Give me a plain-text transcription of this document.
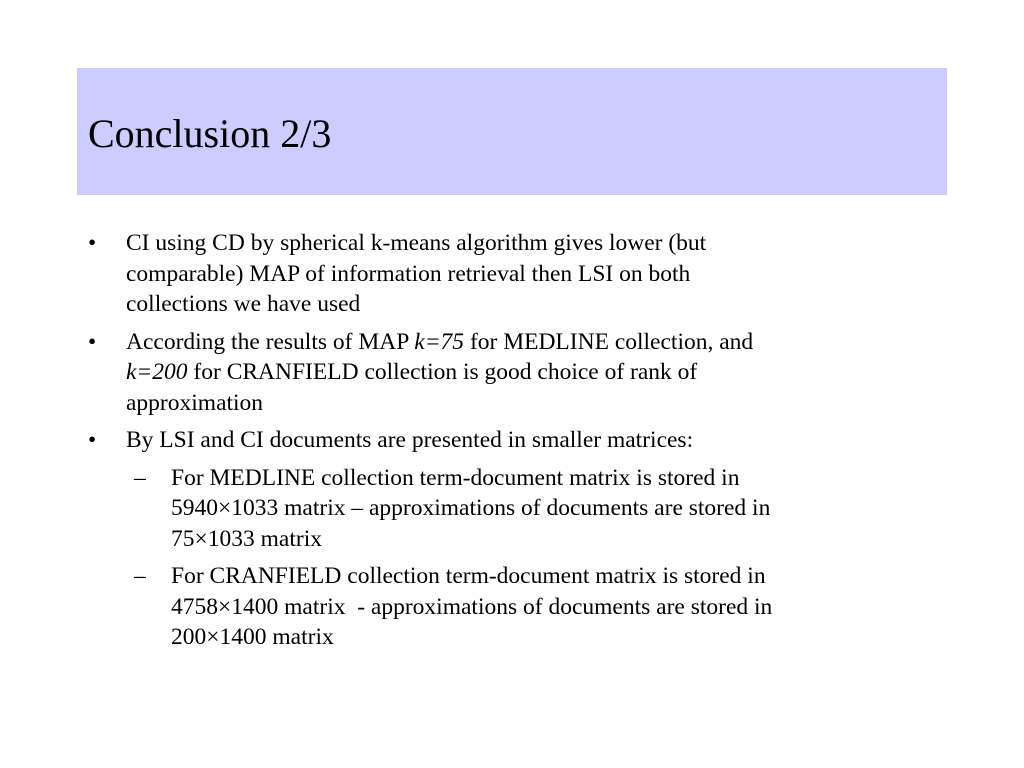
Conclusion 2/3
• CI using CD by spherical k-means algorithm gives lower (but
comparable) MAP of information retrieval then LSI on both
collections we have used
• According the results of MAP k=75 for MEDLINE collection, and
k=200 for CRANFIELD collection is good choice of rank of
approximation
• By LSI and CI documents are presented in smaller matrices:
– For MEDLINE collection term-document matrix is stored in
5940×1033 matrix – approximations of documents are stored in
75×1033 matrix
– For CRANFIELD collection term-document matrix is stored in
4758×1400 matrix  - approximations of documents are stored in
200×1400 matrix
